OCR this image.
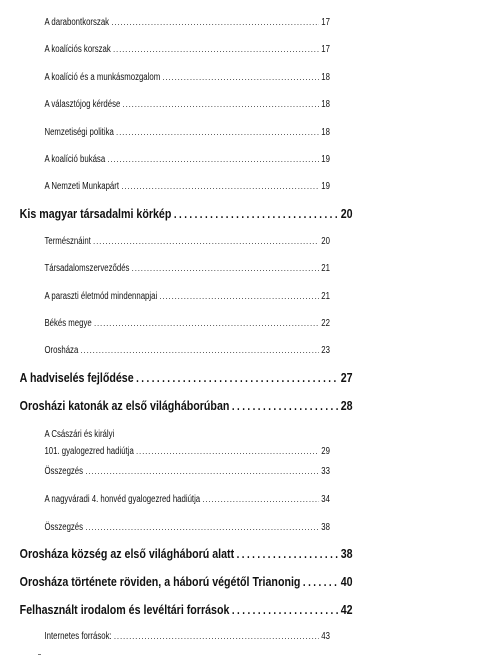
A darabontkorszak .....	17
A koalíciós korszak .....	17
A koalíció és a munkásmozgalom .....	18
A választójog kérdése .....	18
Nemzetiségi politika .....	18
A koalíció bukása .....	19
A Nemzeti Munkapárt .....	19
Kis magyar társadalmi körkép .....	20
Természnáint .....	20
Társadalomszerveződés .....	21
A paraszti életmód mindennapjai .....	21
Békés megye .....	22
Orosháza .....	23
A hadviselés fejlődése .....	27
Orosházi katonák az első világháborúban .....	28
A Császári és királyi
101. gyalogezred hadiútja .....	29
Összegzés .....	33
A nagyváradi 4. honvéd gyalogezred hadiútja .....	34
Összegzés .....	38
Orosháza község az első világháború alatt .....	38
Orosháza története röviden, a háború végétől Trianonig .....	40
Felhasznált irodalom és levéltári források .....	42
Internetes források: .....	43
